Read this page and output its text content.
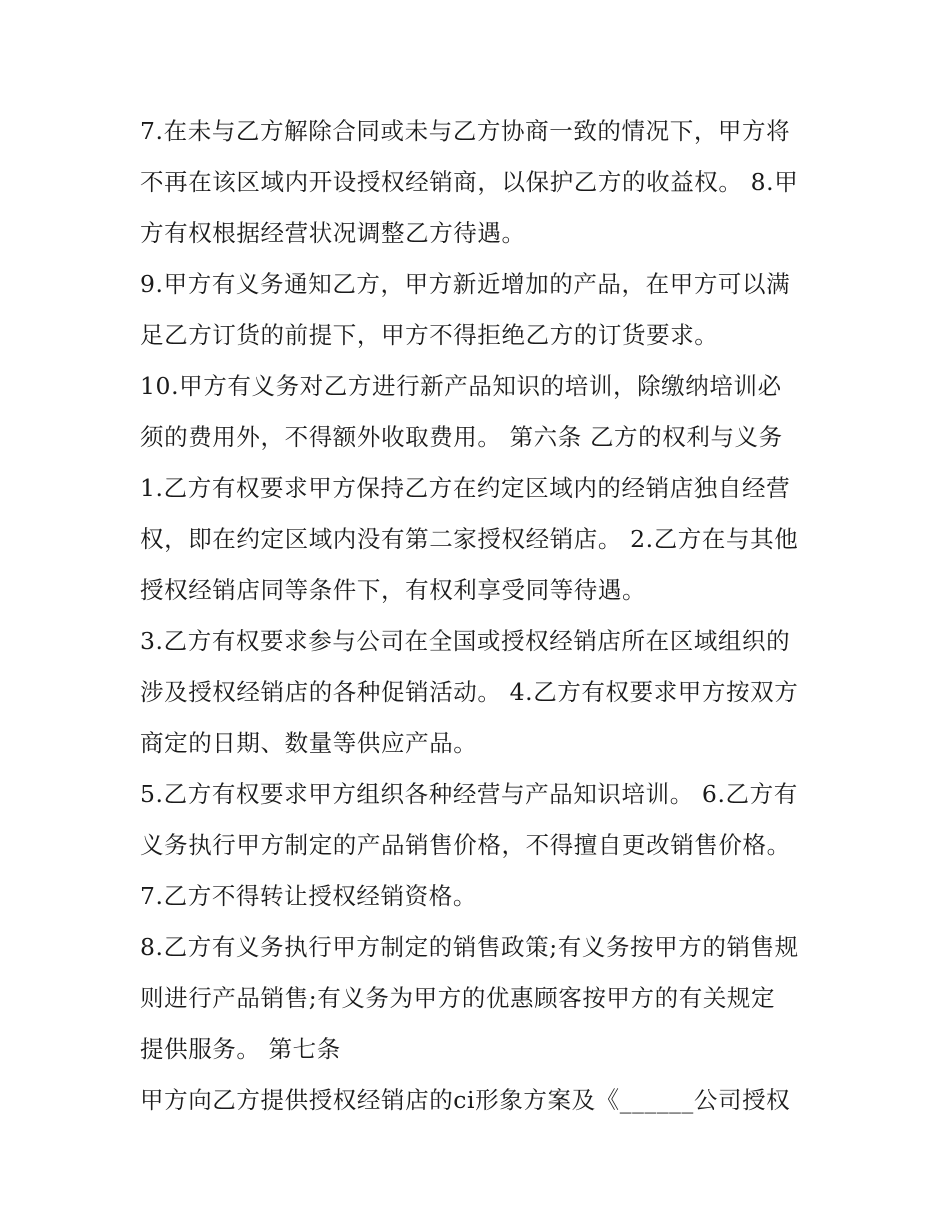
7.在未与乙方解除合同或未与乙方协商一致的情况下，甲方将
不再在该区域内开设授权经销商，以保护乙方的收益权。 8.甲
方有权根据经营状况调整乙方待遇。
9.甲方有义务通知乙方，甲方新近增加的产品，在甲方可以满
足乙方订货的前提下，甲方不得拒绝乙方的订货要求。
10.甲方有义务对乙方进行新产品知识的培训，除缴纳培训必
须的费用外，不得额外收取费用。 第六条 乙方的权利与义务
1.乙方有权要求甲方保持乙方在约定区域内的经销店独自经营
权，即在约定区域内没有第二家授权经销店。 2.乙方在与其他
授权经销店同等条件下，有权利享受同等待遇。
3.乙方有权要求参与公司在全国或授权经销店所在区域组织的
涉及授权经销店的各种促销活动。 4.乙方有权要求甲方按双方
商定的日期、数量等供应产品。
5.乙方有权要求甲方组织各种经营与产品知识培训。 6.乙方有
义务执行甲方制定的产品销售价格，不得擅自更改销售价格。
7.乙方不得转让授权经销资格。
8.乙方有义务执行甲方制定的销售政策;有义务按甲方的销售规
则进行产品销售;有义务为甲方的优惠顾客按甲方的有关规定
提供服务。 第七条
甲方向乙方提供授权经销店的ci形象方案及《______公司授权
